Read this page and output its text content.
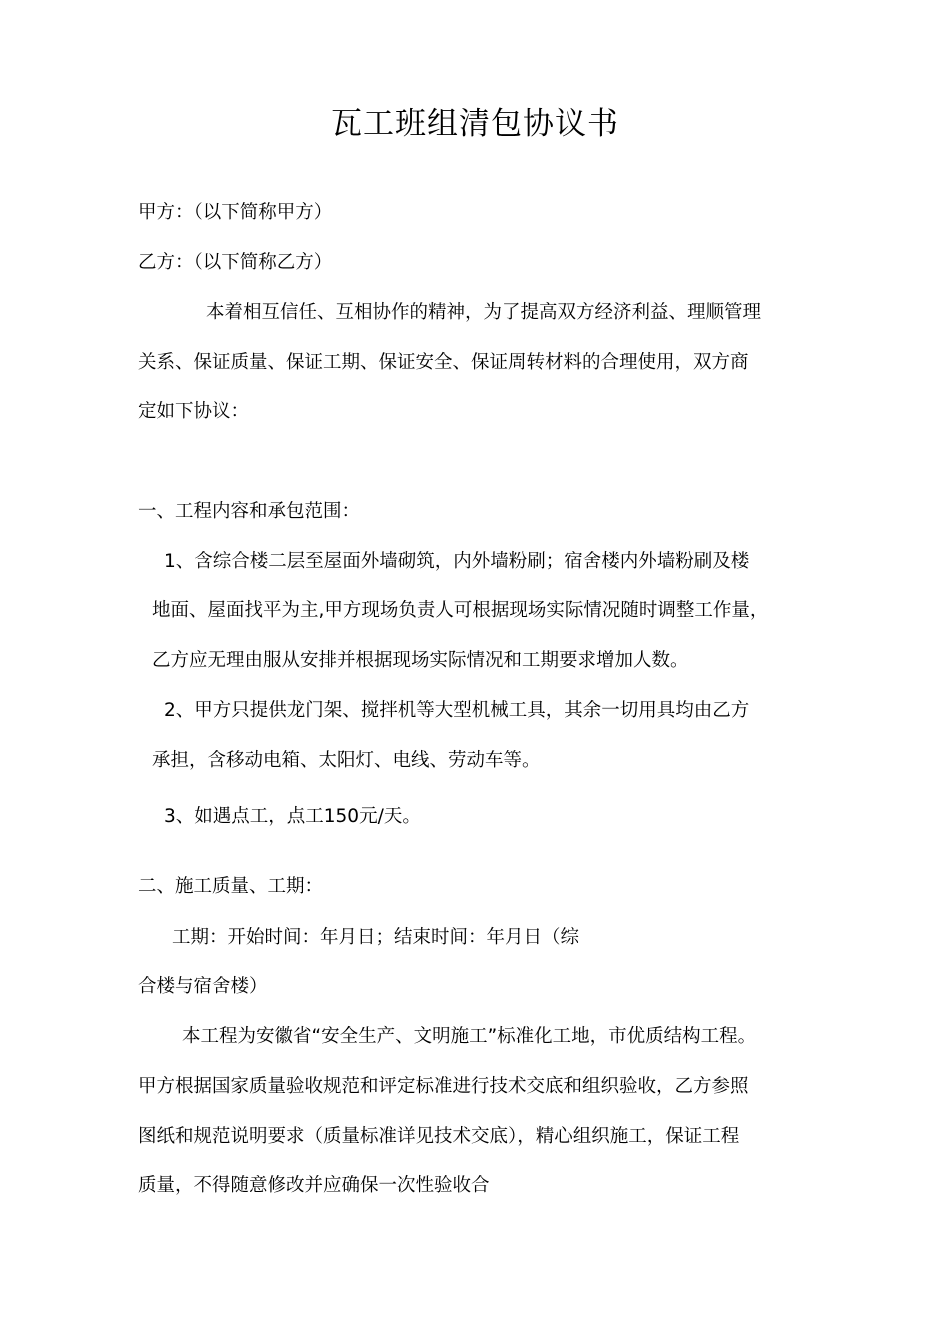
瓦工班组清包协议书
甲方：（以下简称甲方）
乙方：（以下简称乙方）
本着相互信任、互相协作的精神，为了提高双方经济利益、理顺管理
关系、保证质量、保证工期、保证安全、保证周转材料的合理使用，双方商
定如下协议：
一、工程内容和承包范围：
1、含综合楼二层至屋面外墙砌筑，内外墙粉刷；宿舍楼内外墙粉刷及楼
地面、屋面找平为主,甲方现场负责人可根据现场实际情况随时调整工作量，
乙方应无理由服从安排并根据现场实际情况和工期要求增加人数。
2、甲方只提供龙门架、搅拌机等大型机械工具，其余一切用具均由乙方
承担，含移动电箱、太阳灯、电线、劳动车等。
3、如遇点工，点工150元/天。
二、施工质量、工期：
工期：开始时间：年月日；结束时间：年月日（综
合楼与宿舍楼）
本工程为安徽省“安全生产、文明施工”标准化工地，市优质结构工程。
甲方根据国家质量验收规范和评定标准进行技术交底和组织验收，乙方参照
图纸和规范说明要求（质量标准详见技术交底），精心组织施工，保证工程
质量，不得随意修改并应确保一次性验收合
